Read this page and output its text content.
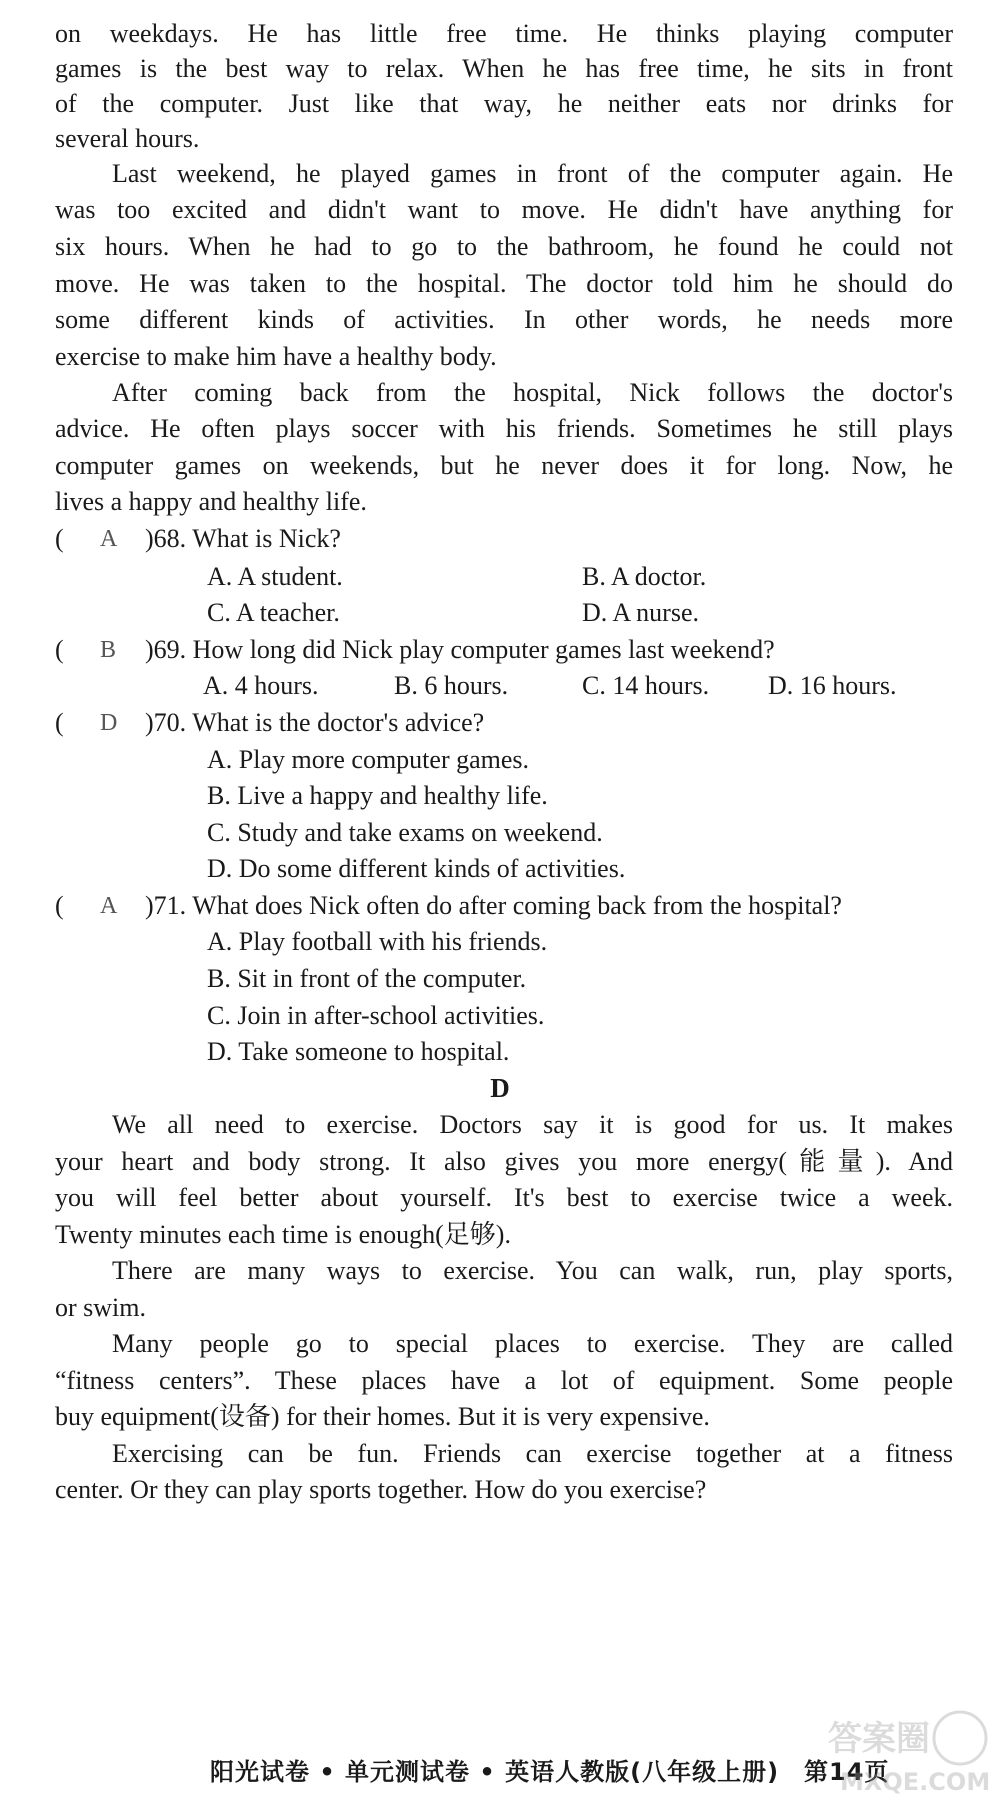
on weekdays. He has little free time. He thinks playing computer
games is the best way to relax. When he has free time, he sits in front
of the computer. Just like that way, he neither eats nor drinks for
several hours.
Last weekend, he played games in front of the computer again. He
was too excited and didn't want to move. He didn't have anything for
six hours. When he had to go to the bathroom, he found he could not
move. He was taken to the hospital. The doctor told him he should do
some different kinds of activities. In other words, he needs more
exercise to make him have a healthy body.
After coming back from the hospital, Nick follows the doctor's
advice. He often plays soccer with his friends. Sometimes he still plays
computer games on weekends, but he never does it for long. Now, he
lives a happy and healthy life.
( A )68. What is Nick?
A. A student.	B. A doctor.
C. A teacher.	D. A nurse.
( B )69. How long did Nick play computer games last weekend?
A. 4 hours.	B. 6 hours.	C. 14 hours. D. 16 hours.
( D )70. What is the doctor's advice?
A. Play more computer games.
B. Live a happy and healthy life.
C. Study and take exams on weekend.
D. Do some different kinds of activities.
( A )71. What does Nick often do after coming back from the hospital?
A. Play football with his friends.
B. Sit in front of the computer.
C. Join in after-school activities.
D. Take someone to hospital.
D
We all need to exercise. Doctors say it is good for us. It makes
your heart and body strong. It also gives you more energy(能量). And
you will feel better about yourself. It's best to exercise twice a week.
Twenty minutes each time is enough(足够).
There are many ways to exercise. You can walk, run, play sports,
or swim.
Many people go to special places to exercise. They are called
“fitness centers”. These places have a lot of equipment. Some people
buy equipment(设备) for their homes. But it is very expensive.
Exercising can be fun. Friends can exercise together at a fitness
center. Or they can play sports together. How do you exercise?
阳光试卷 • 单元测试卷 • 英语人教版(八年级上册)　第14页
答案圈
MXQE.COM
